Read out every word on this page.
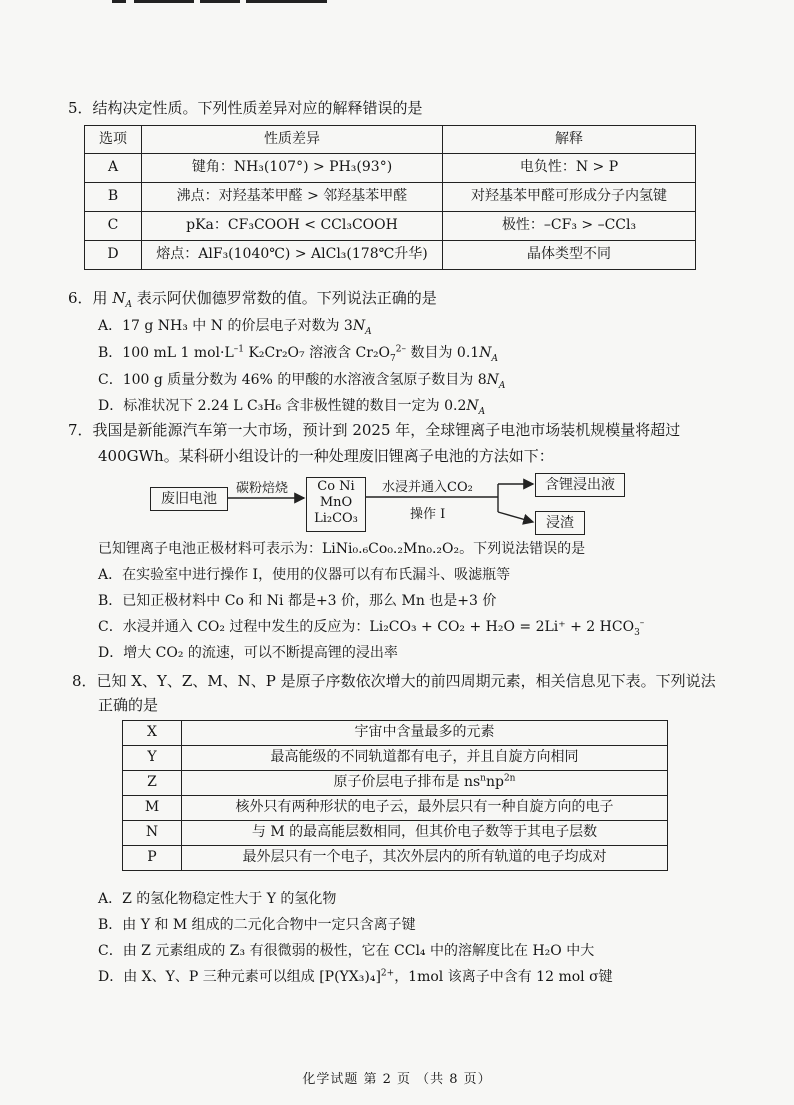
5．结构决定性质。下列性质差异对应的解释错误的是
选项	性质差异	解释
A	键角：NH₃(107°) > PH₃(93°)	电负性：N > P
B	沸点：对羟基苯甲醛 > 邻羟基苯甲醛	对羟基苯甲醛可形成分子内氢键
C	pKa：CF₃COOH < CCl₃COOH	极性：–CF₃ > –CCl₃
D	熔点：AlF₃(1040℃) > AlCl₃(178℃升华)	晶体类型不同
6．用 $N_A$ 表示阿伏伽德罗常数的值。下列说法正确的是
A．17 g NH₃ 中 N 的价层电子对数为 $3N_A$
B．100 mL 1 $mol\cdot L^{-1}$ K₂Cr₂O₇ 溶液含 $Cr_2O_7^{2-}$ 数目为 $0.1N_A$
C．100 g 质量分数为 46% 的甲酸的水溶液含氢原子数目为 $8N_A$
D．标准状况下 2.24 L C₃H₆ 含非极性键的数目一定为 $0.2N_A$
7．我国是新能源汽车第一大市场，预计到 2025 年，全球锂离子电池市场装机规模量将超过
400GWh。某科研小组设计的一种处理废旧锂离子电池的方法如下：
废旧电池
碳粉焙烧	Co Ni
MnO
Li₂CO₃
水浸并通入CO₂
操作 I
含锂浸出液
浸渣
已知锂离子电池正极材料可表示为：LiNi₀.₆Co₀.₂Mn₀.₂O₂。下列说法错误的是
A．在实验室中进行操作 I，使用的仪器可以有布氏漏斗、吸滤瓶等
B．已知正极材料中 Co 和 Ni 都是+3 价，那么 Mn 也是+3 价
C．水浸并通入 CO₂ 过程中发生的反应为：Li₂CO₃ + CO₂ + H₂O = 2Li⁺ + 2 $HCO_3^-$
D．增大 CO₂ 的流速，可以不断提高锂的浸出率
8．已知 X、Y、Z、M、N、P 是原子序数依次增大的前四周期元素，相关信息见下表。下列说法
正确的是
X	宇宙中含量最多的元素
Y	最高能级的不同轨道都有电子，并且自旋方向相同
Z	原子价层电子排布是 $ns^nnp^{2n}$
M	核外只有两种形状的电子云，最外层只有一种自旋方向的电子
N	与 M 的最高能层数相同，但其价电子数等于其电子层数
P	最外层只有一个电子，其次外层内的所有轨道的电子均成对
A．Z 的氢化物稳定性大于 Y 的氢化物
B．由 Y 和 M 组成的二元化合物中一定只含离子键
C．由 Z 元素组成的 Z₃ 有很微弱的极性，它在 CCl₄ 中的溶解度比在 H₂O 中大
D．由 X、Y、P 三种元素可以组成 $[P(YX_3)_4]^{2+}$，1mol 该离子中含有 12 mol σ键
化学试题 第 2 页 （共 8 页）
